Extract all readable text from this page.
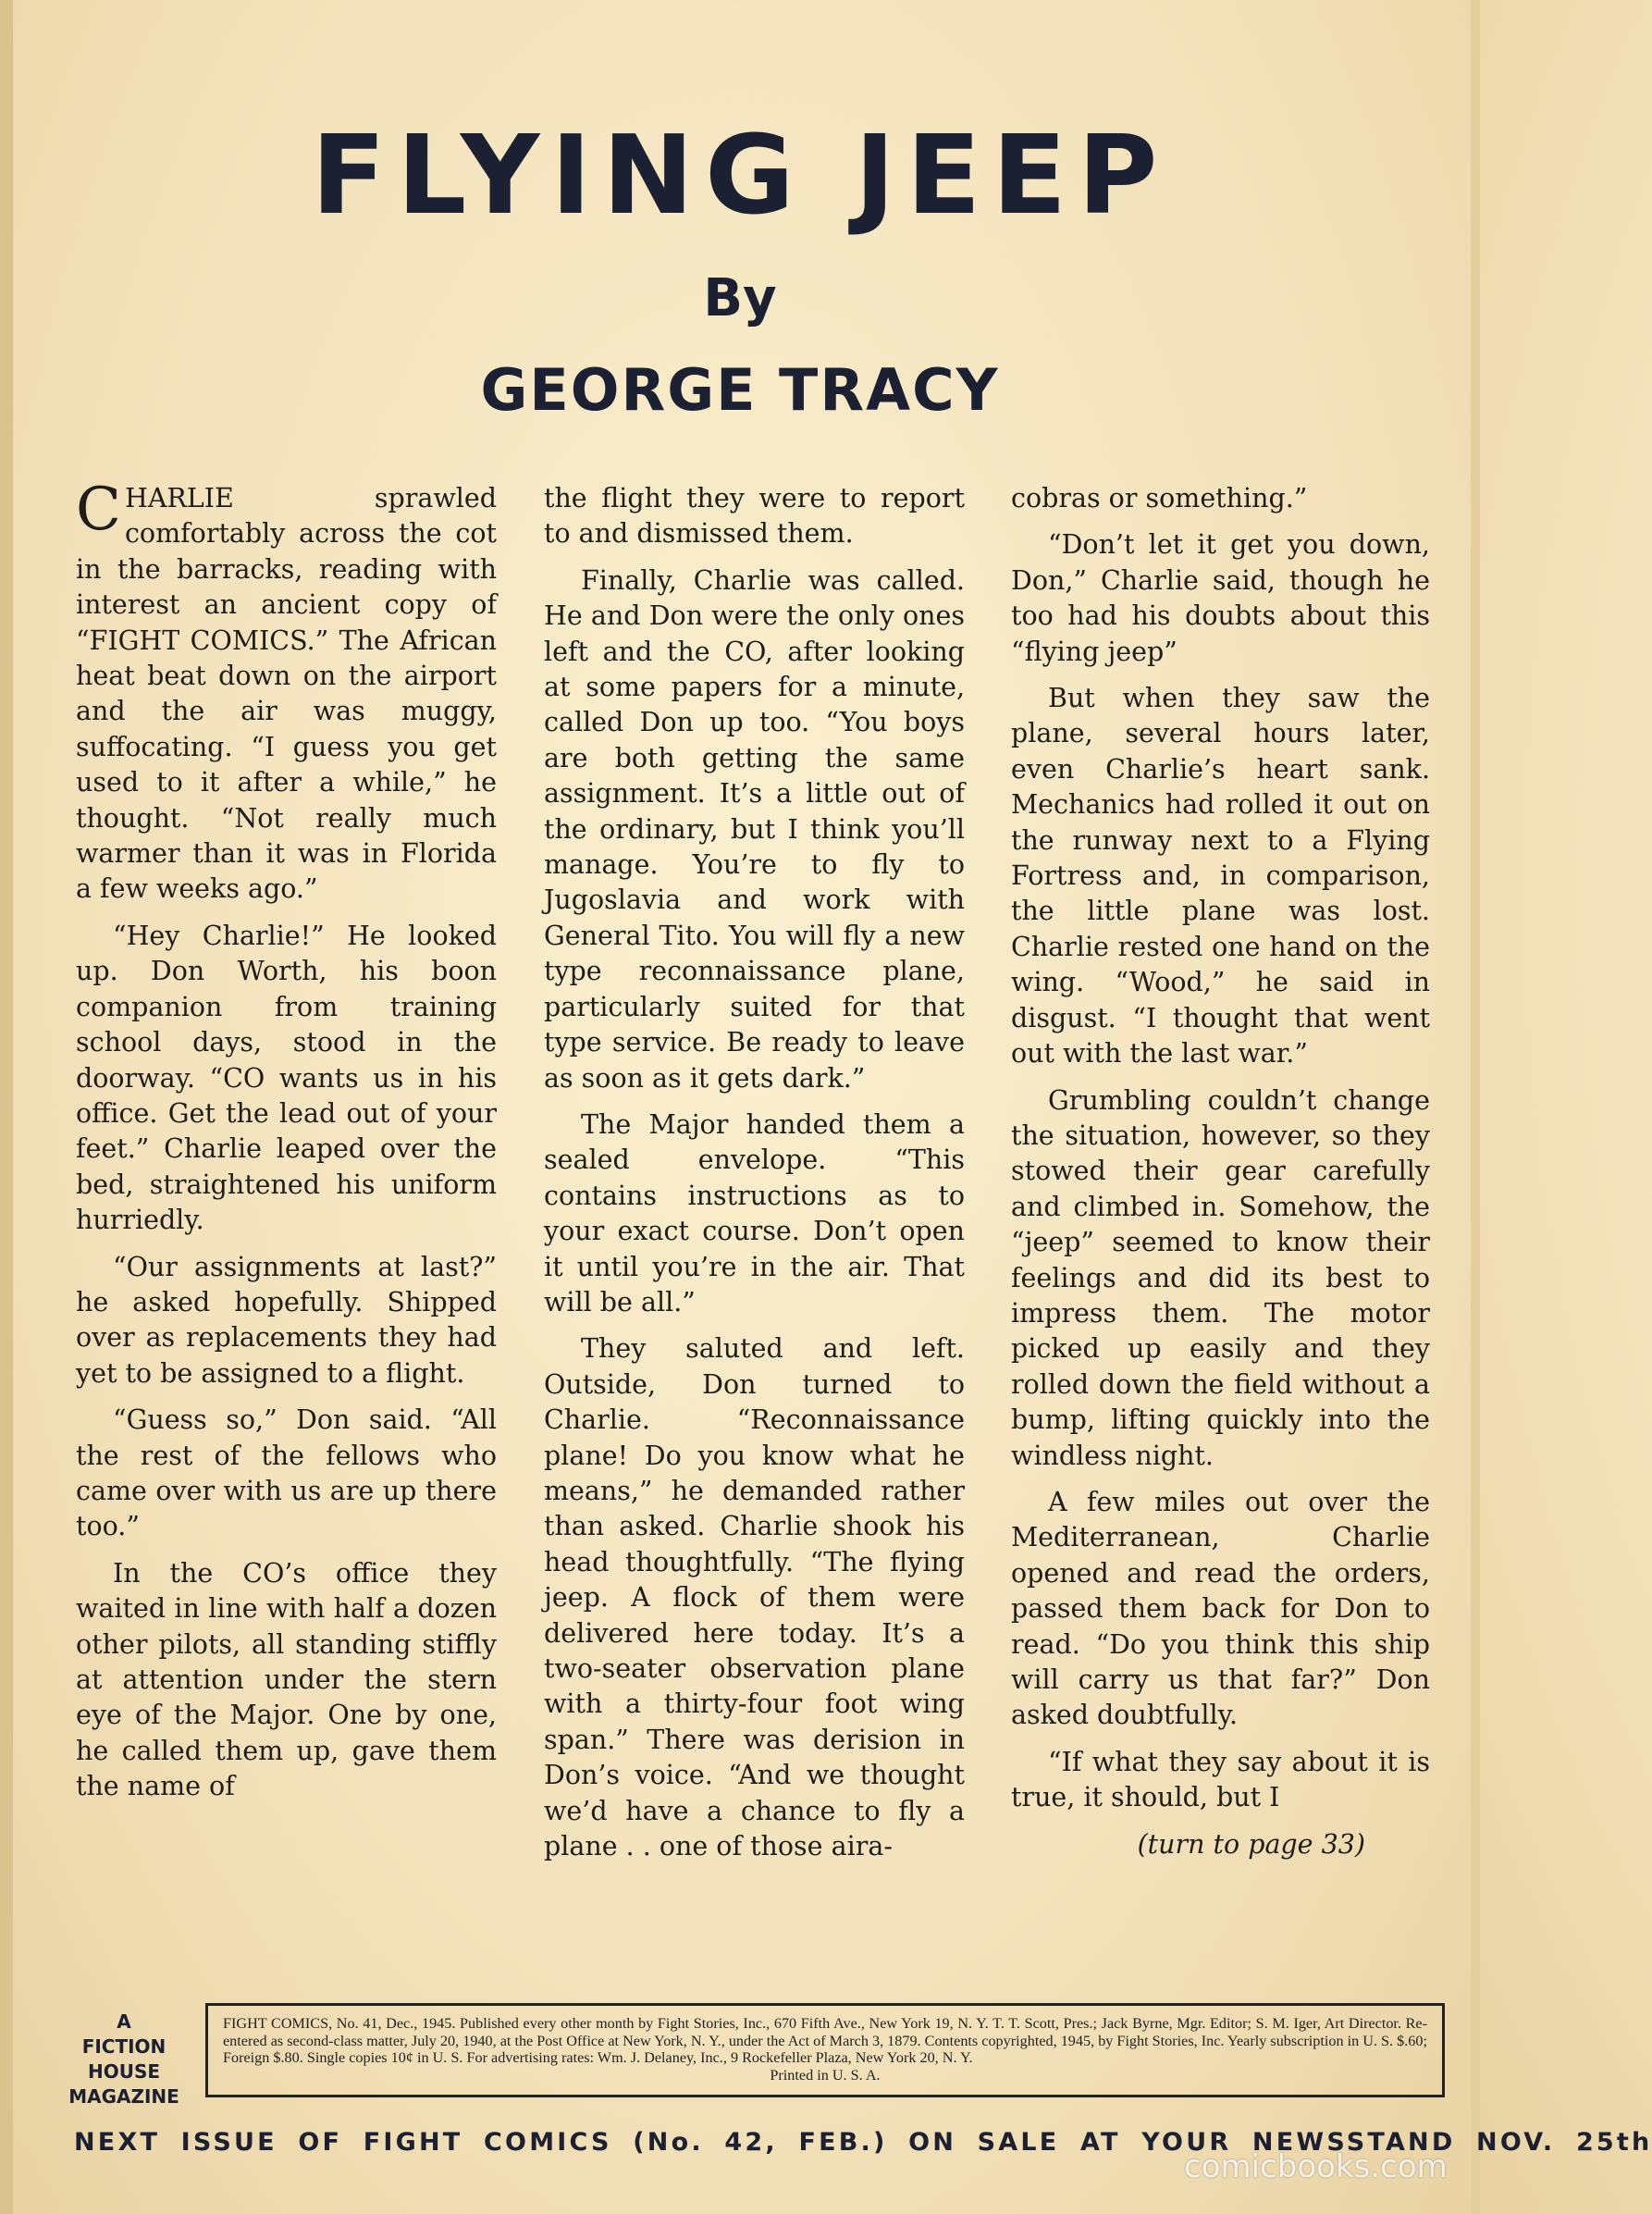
FLYING JEEP
By
GEORGE TRACY

CHARLIE sprawled comfortably across the cot in the barracks, reading with interest an ancient copy of “FIGHT COMICS.” The African heat beat down on the airport and the air was muggy, suffocating. “I guess you get used to it after a while,” he thought. “Not really much warmer than it was in Florida a few weeks ago.”

“Hey Charlie!” He looked up. Don Worth, his boon companion from training school days, stood in the doorway. “CO wants us in his office. Get the lead out of your feet.” Charlie leaped over the bed, straightened his uniform hurriedly.

“Our assignments at last?” he asked hopefully. Shipped over as replacements they had yet to be assigned to a flight.

“Guess so,” Don said. “All the rest of the fellows who came over with us are up there too.”

In the CO’s office they waited in line with half a dozen other pilots, all standing stiffly at attention under the stern eye of the Major. One by one, he called them up, gave them the name of

the flight they were to report to and dismissed them.

Finally, Charlie was called. He and Don were the only ones left and the CO, after looking at some papers for a minute, called Don up too. “You boys are both getting the same assignment. It’s a little out of the ordinary, but I think you’ll manage. You’re to fly to Jugoslavia and work with General Tito. You will fly a new type reconnaissance plane, particularly suited for that type service. Be ready to leave as soon as it gets dark.”

The Major handed them a sealed envelope. “This contains instructions as to your exact course. Don’t open it until you’re in the air. That will be all.”

They saluted and left. Outside, Don turned to Charlie. “Reconnaissance plane! Do you know what he means,” he demanded rather than asked. Charlie shook his head thoughtfully. “The flying jeep. A flock of them were delivered here today. It’s a two-seater observation plane with a thirty-four foot wing span.” There was derision in Don’s voice. “And we thought we’d have a chance to fly a plane . . one of those aira-

cobras or something.”

“Don’t let it get you down, Don,” Charlie said, though he too had his doubts about this “flying jeep”

But when they saw the plane, several hours later, even Charlie’s heart sank. Mechanics had rolled it out on the runway next to a Flying Fortress and, in comparison, the little plane was lost. Charlie rested one hand on the wing. “Wood,” he said in disgust. “I thought that went out with the last war.”

Grumbling couldn’t change the situation, however, so they stowed their gear carefully and climbed in. Somehow, the “jeep” seemed to know their feelings and did its best to impress them. The motor picked up easily and they rolled down the field without a bump, lifting quickly into the windless night.

A few miles out over the Mediterranean, Charlie opened and read the orders, passed them back for Don to read. “Do you think this ship will carry us that far?” Don asked doubtfully.

“If what they say about it is true, it should, but I

(turn to page 33)
A
FICTION
HOUSE
MAGAZINE
FIGHT COMICS, No. 41, Dec., 1945. Published every other month by Fight Stories, Inc., 670 Fifth Ave., New York 19, N. Y. T. T. Scott, Pres.; Jack Byrne, Mgr. Editor; S. M. Iger, Art Director. Re-entered as second-class matter, July 20, 1940, at the Post Office at New York, N. Y., under the Act of March 3, 1879. Contents copyrighted, 1945, by Fight Stories, Inc. Yearly subscription in U. S. $.60; Foreign $.80. Single copies 10¢ in U. S. For advertising rates: Wm. J. Delaney, Inc., 9 Rockefeller Plaza, New York 20, N. Y.
Printed in U. S. A.
NEXT ISSUE OF FIGHT COMICS (No. 42, FEB.) ON SALE AT YOUR NEWSSTAND NOV. 25th
comicbooks.com
